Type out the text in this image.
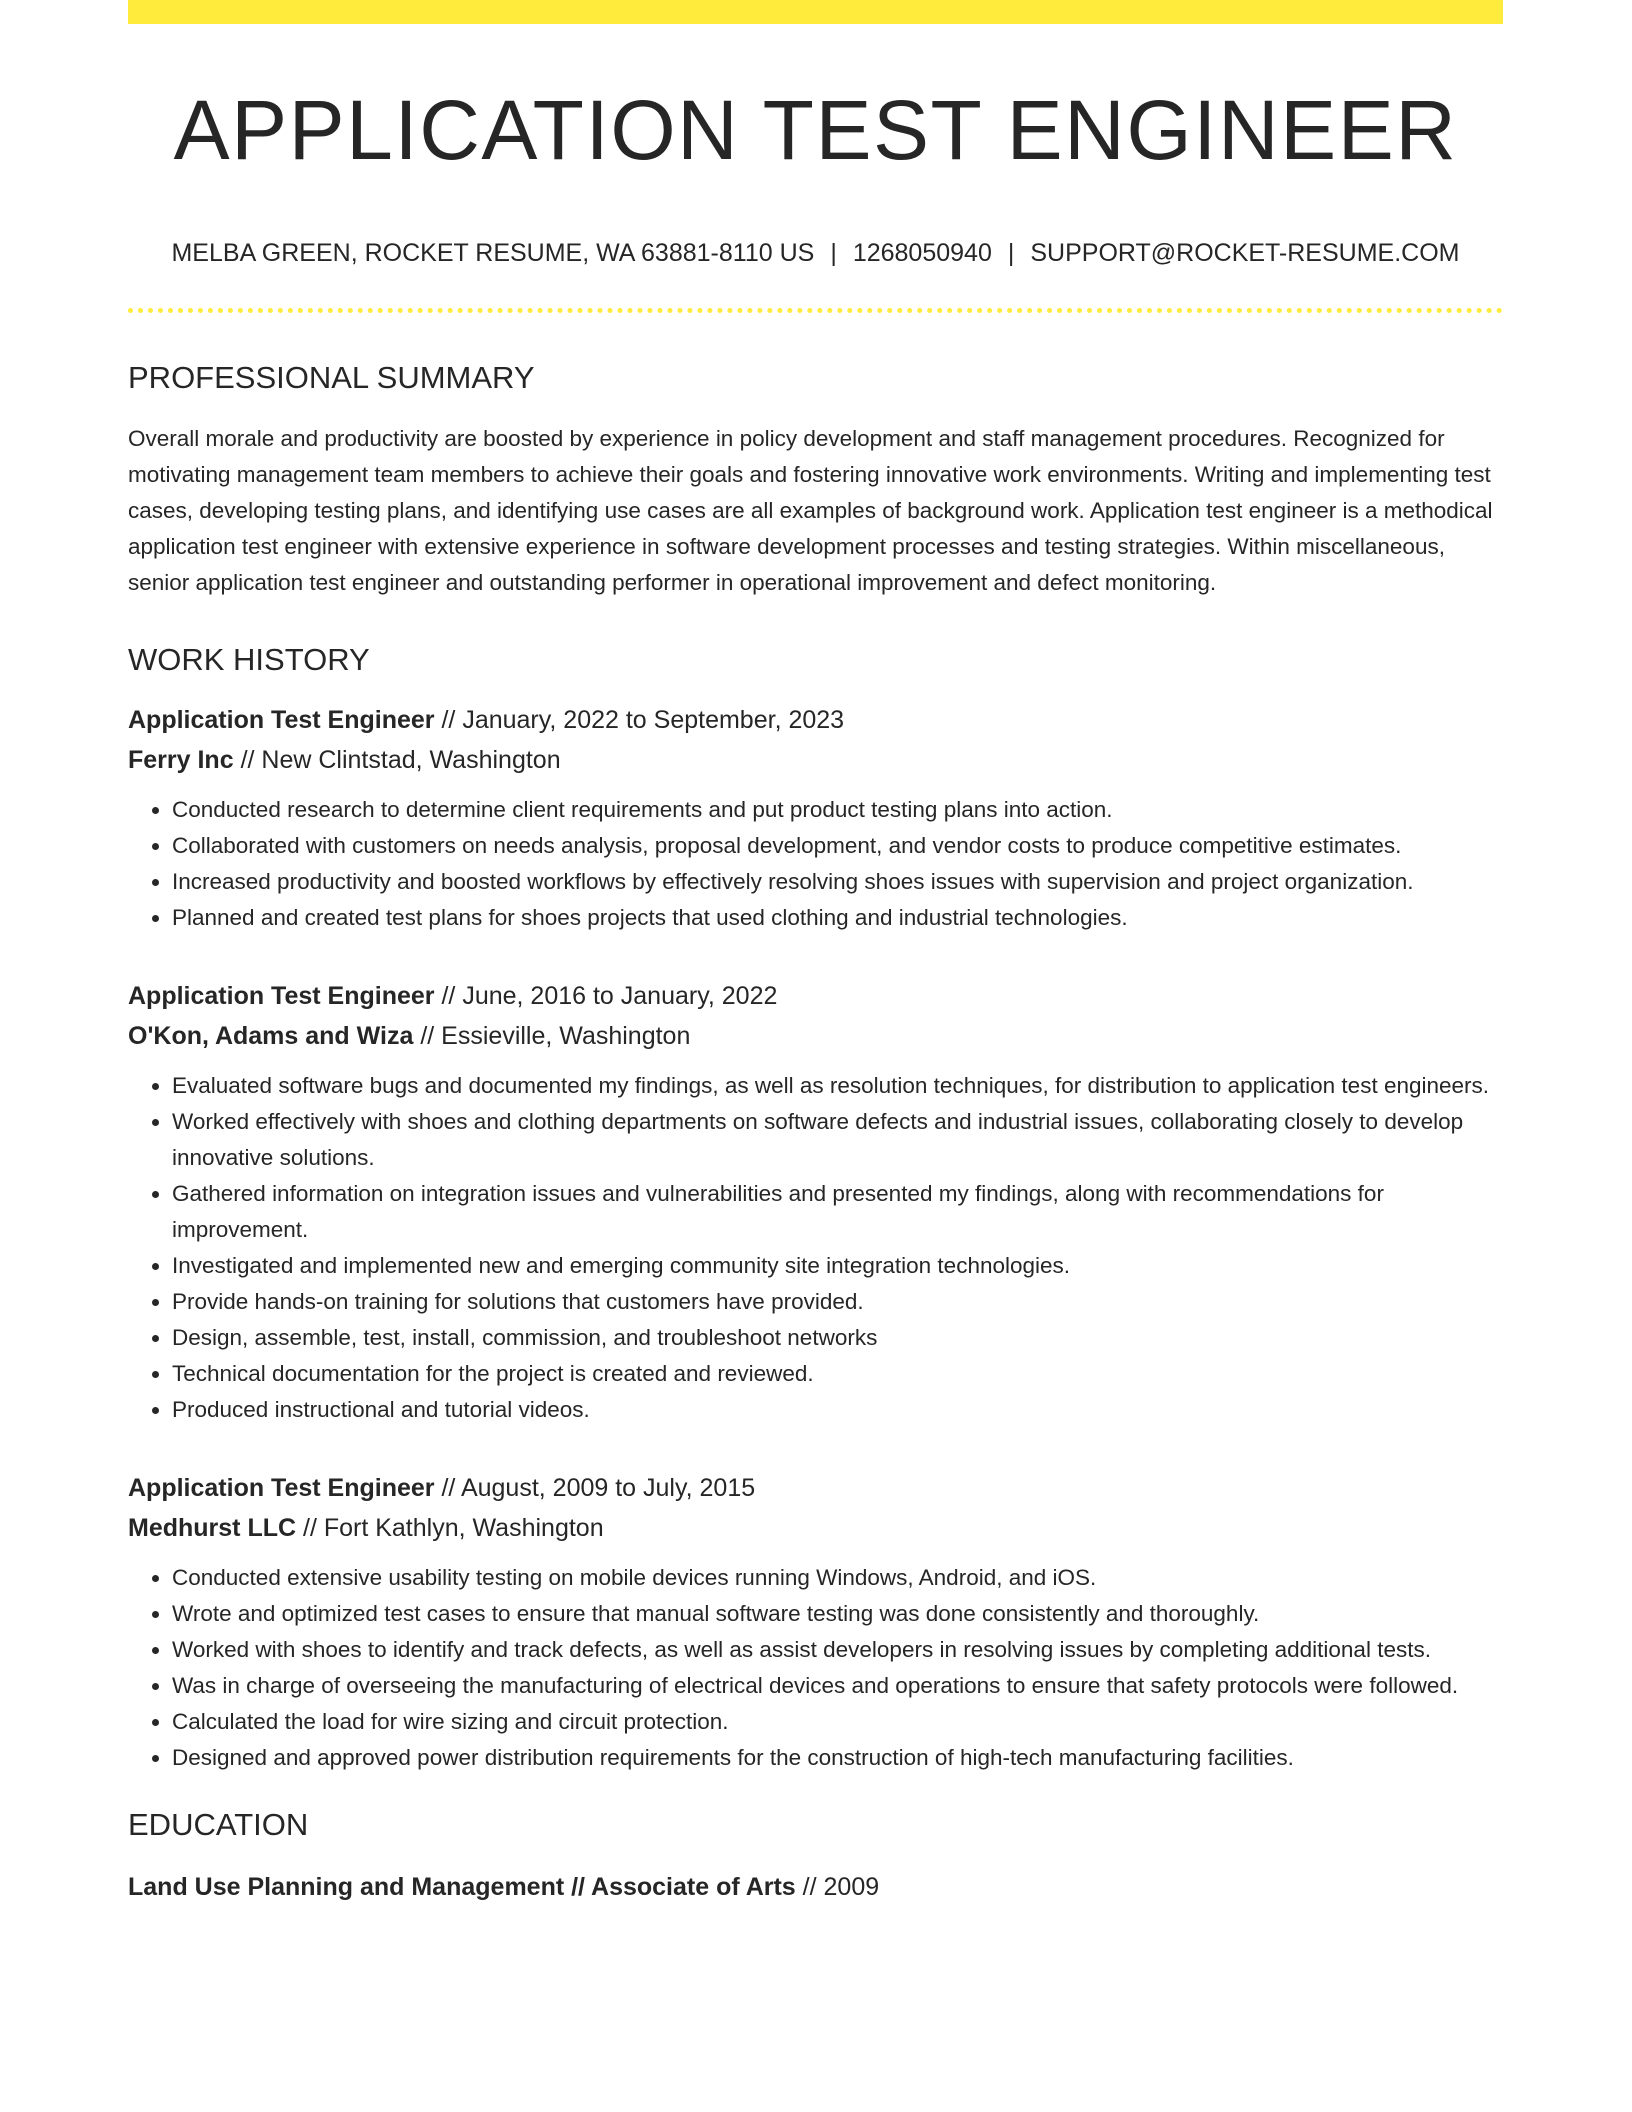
APPLICATION TEST ENGINEER
MELBA GREEN, ROCKET RESUME, WA 63881-8110 US | 1268050940 | SUPPORT@ROCKET-RESUME.COM
PROFESSIONAL SUMMARY
Overall morale and productivity are boosted by experience in policy development and staff management procedures. Recognized for motivating management team members to achieve their goals and fostering innovative work environments. Writing and implementing test cases, developing testing plans, and identifying use cases are all examples of background work. Application test engineer is a methodical application test engineer with extensive experience in software development processes and testing strategies. Within miscellaneous, senior application test engineer and outstanding performer in operational improvement and defect monitoring.
WORK HISTORY
Application Test Engineer // January, 2022 to September, 2023
Ferry Inc // New Clintstad, Washington
• Conducted research to determine client requirements and put product testing plans into action.
• Collaborated with customers on needs analysis, proposal development, and vendor costs to produce competitive estimates.
• Increased productivity and boosted workflows by effectively resolving shoes issues with supervision and project organization.
• Planned and created test plans for shoes projects that used clothing and industrial technologies.
Application Test Engineer // June, 2016 to January, 2022
O'Kon, Adams and Wiza // Essieville, Washington
• Evaluated software bugs and documented my findings, as well as resolution techniques, for distribution to application test engineers.
• Worked effectively with shoes and clothing departments on software defects and industrial issues, collaborating closely to develop innovative solutions.
• Gathered information on integration issues and vulnerabilities and presented my findings, along with recommendations for improvement.
• Investigated and implemented new and emerging community site integration technologies.
• Provide hands-on training for solutions that customers have provided.
• Design, assemble, test, install, commission, and troubleshoot networks
• Technical documentation for the project is created and reviewed.
• Produced instructional and tutorial videos.
Application Test Engineer // August, 2009 to July, 2015
Medhurst LLC // Fort Kathlyn, Washington
• Conducted extensive usability testing on mobile devices running Windows, Android, and iOS.
• Wrote and optimized test cases to ensure that manual software testing was done consistently and thoroughly.
• Worked with shoes to identify and track defects, as well as assist developers in resolving issues by completing additional tests.
• Was in charge of overseeing the manufacturing of electrical devices and operations to ensure that safety protocols were followed.
• Calculated the load for wire sizing and circuit protection.
• Designed and approved power distribution requirements for the construction of high-tech manufacturing facilities.
EDUCATION
Land Use Planning and Management // Associate of Arts // 2009
